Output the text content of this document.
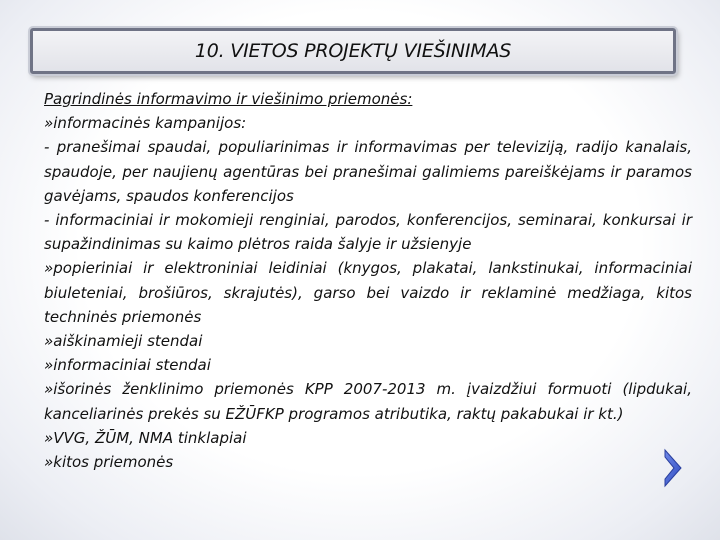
10. VIETOS PROJEKTŲ VIEŠINIMAS

Pagrindinės informavimo ir viešinimo priemonės:

»informacinės kampanijos:

- pranešimai spaudai, populiarinimas ir informavimas per televiziją, radijo kanalais, spaudoje, per naujienų agentūras bei pranešimai galimiems pareiškėjams ir paramos gavėjams, spaudos konferencijos

- informaciniai ir mokomieji renginiai, parodos, konferencijos, seminarai, konkursai ir supažindinimas su kaimo plėtros raida šalyje ir užsienyje

»popieriniai ir elektroniniai leidiniai (knygos, plakatai, lankstinukai, informaciniai biuleteniai, brošiūros, skrajutės), garso bei vaizdo ir reklaminė medžiaga, kitos techninės priemonės

»aiškinamieji stendai

»informaciniai stendai

»išorinės ženklinimo priemonės KPP 2007-2013 m. įvaizdžiui formuoti (lipdukai, kanceliarinės prekės su EŽŪFKP programos atributika, raktų pakabukai ir kt.)

»VVG, ŽŪM, NMA tinklapiai

»kitos priemonės
